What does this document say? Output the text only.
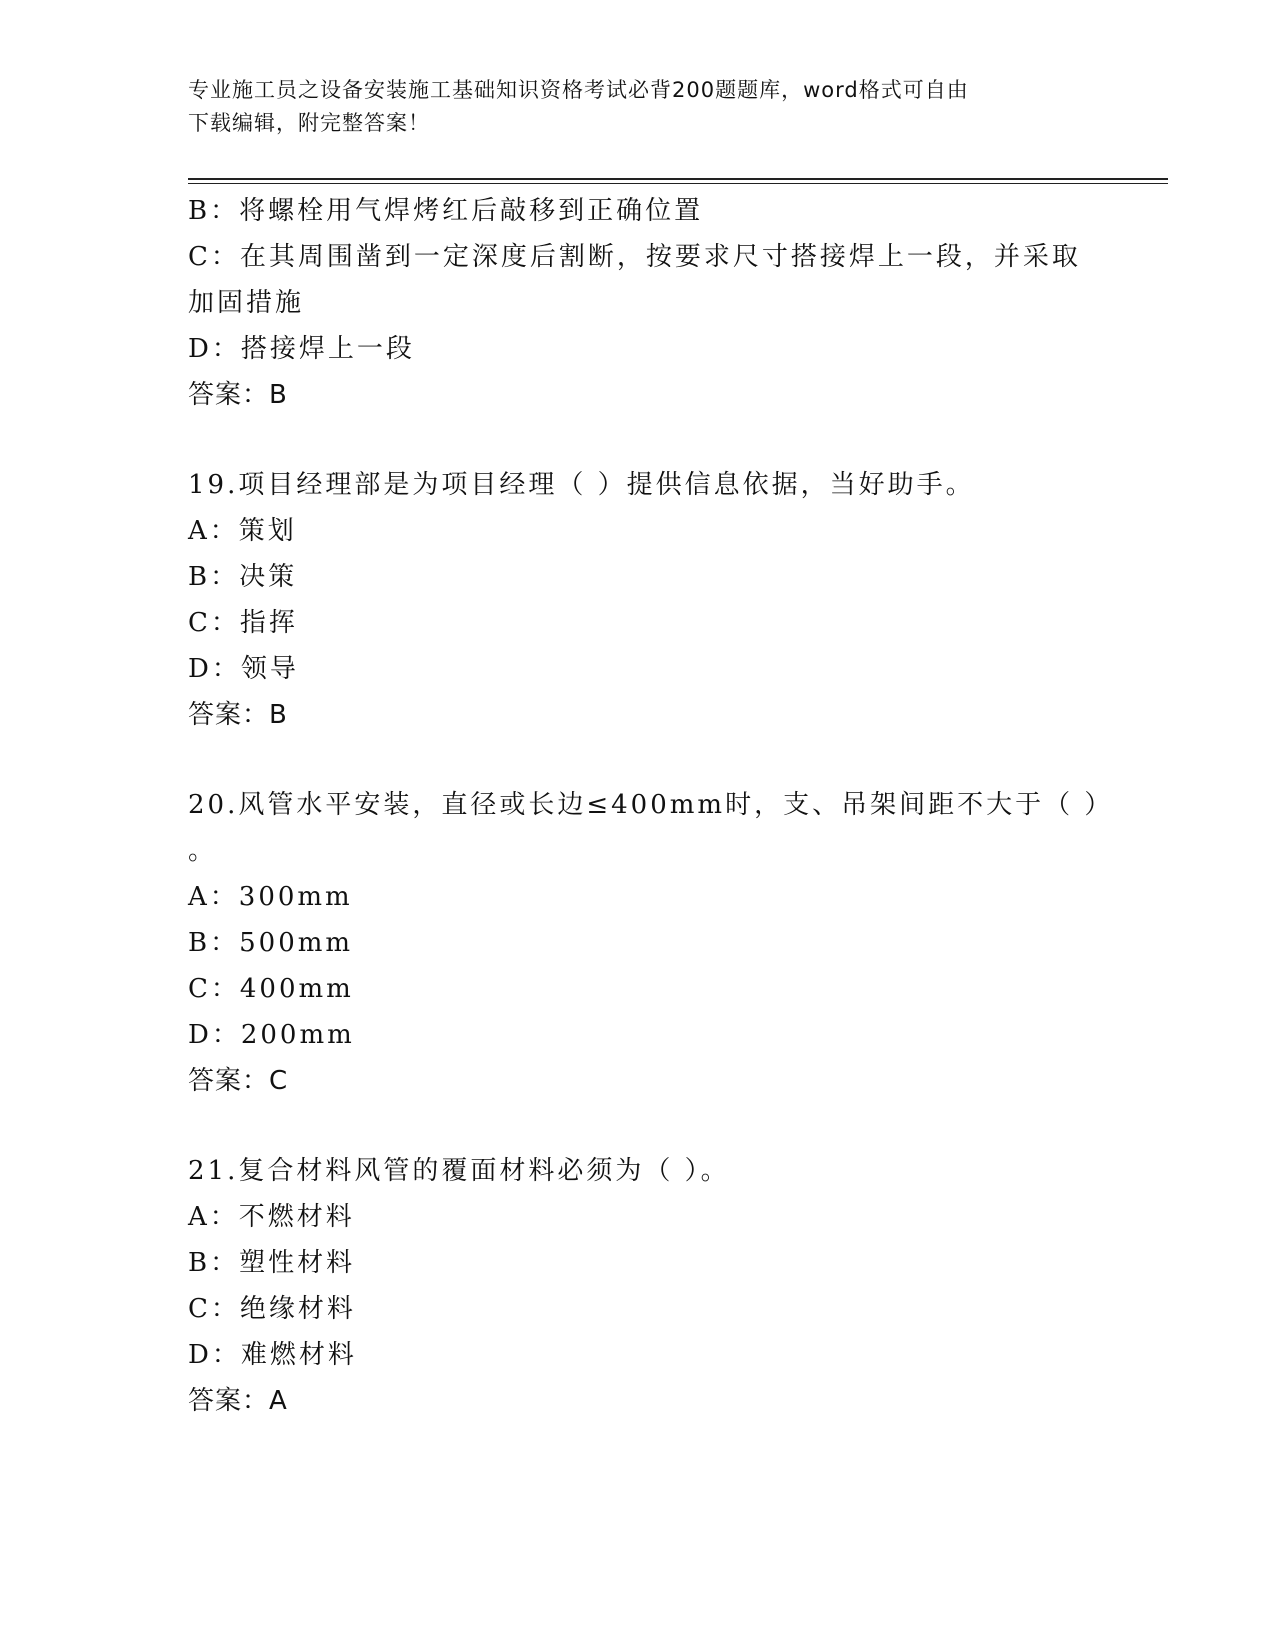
专业施工员之设备安装施工基础知识资格考试必背200题题库，word格式可自由
下载编辑，附完整答案！
B：将螺栓用气焊烤红后敲移到正确位置
C：在其周围凿到一定深度后割断，按要求尺寸搭接焊上一段，并采取
加固措施
D：搭接焊上一段
答案：B
19.项目经理部是为项目经理（ ）提供信息依据，当好助手。
A：策划
B：决策
C：指挥
D：领导
答案：B
20.风管水平安装，直径或长边≤400mm时，支、吊架间距不大于（ ）
。
A：300mm
B：500mm
C：400mm
D：200mm
答案：C
21.复合材料风管的覆面材料必须为（ ）。
A：不燃材料
B：塑性材料
C：绝缘材料
D：难燃材料
答案：A
